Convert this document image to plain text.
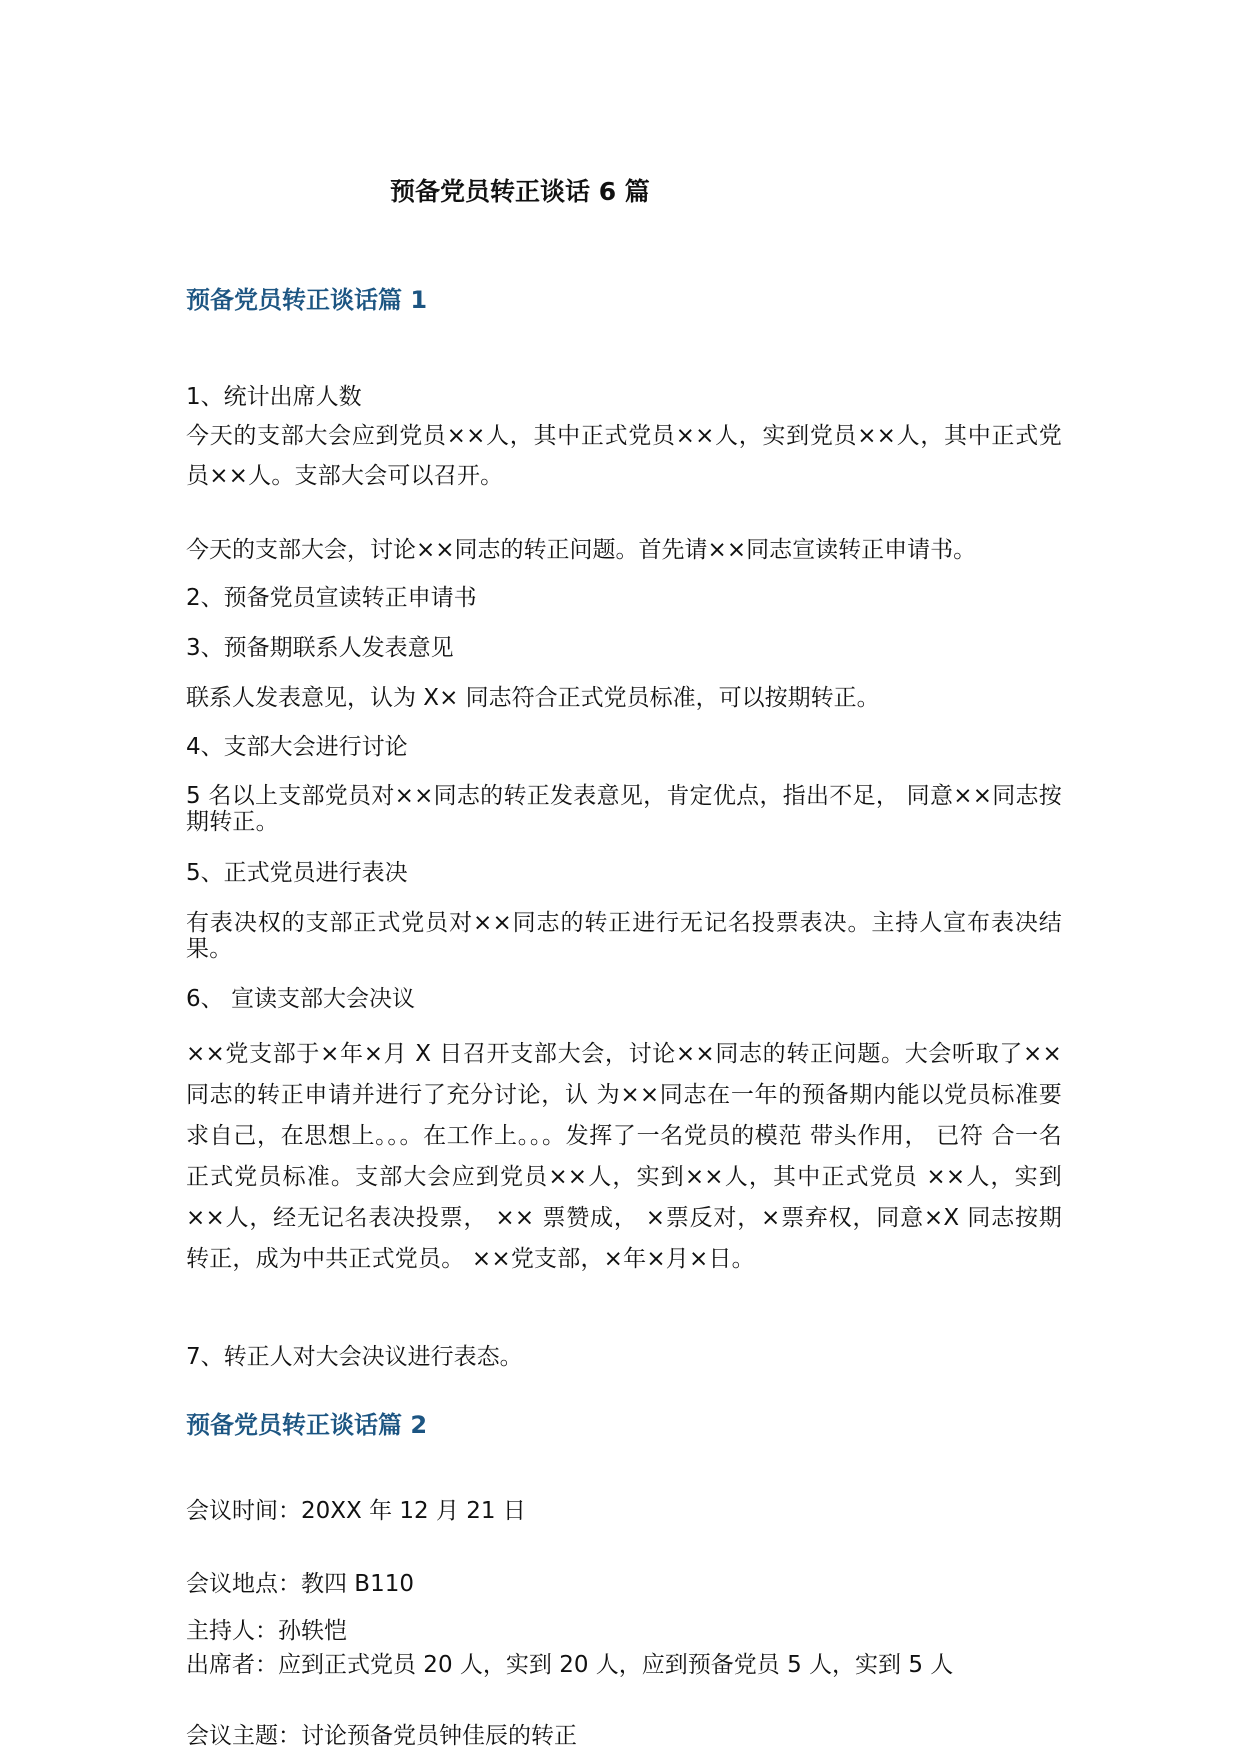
预备党员转正谈话 6 篇
预备党员转正谈话篇 1
1、统计出席人数
今天的支部大会应到党员××人，其中正式党员××人，实到党员××人，其中正式党员××人。支部大会可以召开。
今天的支部大会，讨论××同志的转正问题。首先请××同志宣读转正申请书。
2、预备党员宣读转正申请书
3、预备期联系人发表意见
联系人发表意见，认为 X× 同志符合正式党员标准，可以按期转正。
4、支部大会进行讨论
5 名以上支部党员对××同志的转正发表意见，肯定优点，指出不足， 同意××同志按期转正。
5、正式党员进行表决
有表决权的支部正式党员对××同志的转正进行无记名投票表决。主持人宣布表决结果。
6、 宣读支部大会决议
××党支部于×年×月 X 日召开支部大会，讨论××同志的转正问题。大会听取了××同志的转正申请并进行了充分讨论，认 为××同志在一年的预备期内能以党员标准要求自己，在思想上。。。在工作上。。。发挥了一名党员的模范 带头作用， 已符 合一名正式党员标准。支部大会应到党员××人，实到××人，其中正式党员 ××人，实到 ××人，经无记名表决投票， ×× 票赞成， ×票反对，×票弃权，同意×X 同志按期转正，成为中共正式党员。 ××党支部，×年×月×日。
7、转正人对大会决议进行表态。
预备党员转正谈话篇 2
会议时间：20XX 年 12 月 21 日
会议地点：教四 B110
主持人：孙轶恺
出席者：应到正式党员 20 人，实到 20 人，应到预备党员 5 人，实到 5 人
会议主题：讨论预备党员钟佳辰的转正
